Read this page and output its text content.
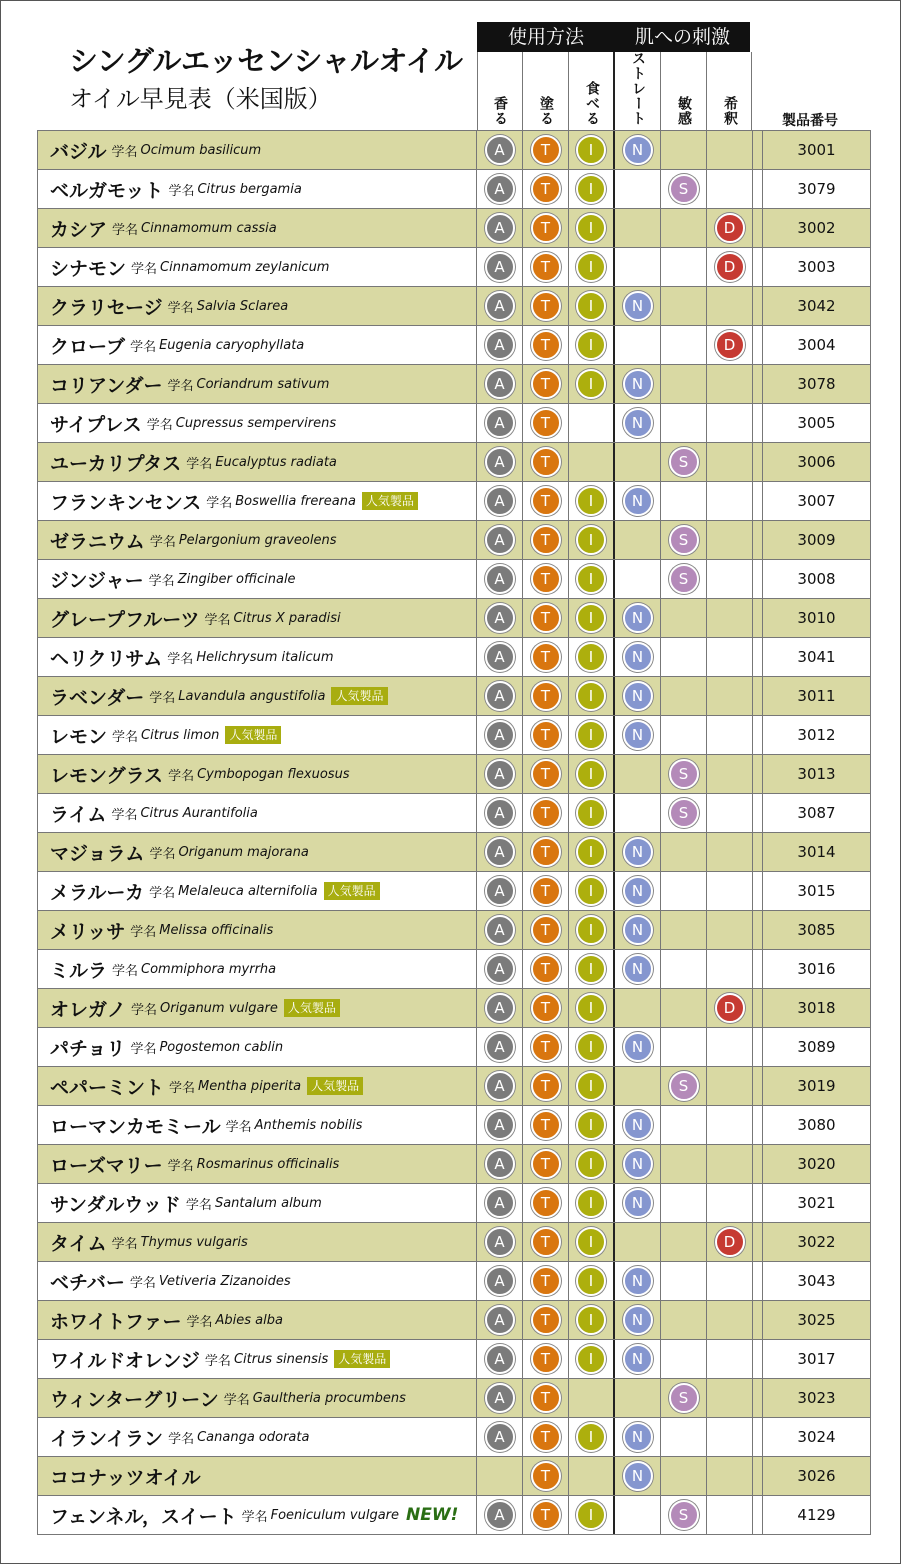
シングルエッセンシャルオイル
オイル早見表（米国版）
使用方法	肌への刺激
香る 塗る 食べる ストレート 敏感 希釈	製品番号
バジル 学名 Ocimum basilicum	A	T	I	N	3001
ベルガモット 学名 Citrus bergamia	A	T	I	S	3079
カシア 学名 Cinnamomum cassia	A	T	I	D	3002
シナモン 学名 Cinnamomum zeylanicum	A	T	I	D	3003
クラリセージ 学名 Salvia Sclarea	A	T	I	N	3042
クローブ 学名 Eugenia caryophyllata	A	T	I	D	3004
コリアンダー 学名 Coriandrum sativum	A	T	I	N	3078
サイプレス 学名 Cupressus sempervirens	A	T	N	3005
ユーカリプタス 学名 Eucalyptus radiata	A	T	S	3006
フランキンセンス 学名 Boswellia frereana 人気製品	A	T	I	N	3007
ゼラニウム 学名 Pelargonium graveolens	A	T	I	S	3009
ジンジャー 学名 Zingiber officinale	A	T	I	S	3008
グレープフルーツ 学名 Citrus X paradisi	A	T	I	N	3010
ヘリクリサム 学名 Helichrysum italicum	A	T	I	N	3041
ラベンダー 学名 Lavandula angustifolia 人気製品	A	T	I	N	3011
レモン 学名 Citrus limon 人気製品	A	T	I	N	3012
レモングラス 学名 Cymbopogan flexuosus	A	T	I	S	3013
ライム 学名 Citrus Aurantifolia	A	T	I	S	3087
マジョラム 学名 Origanum majorana	A	T	I	N	3014
メラルーカ 学名 Melaleuca alternifolia 人気製品	A	T	I	N	3015
メリッサ 学名 Melissa officinalis	A	T	I	N	3085
ミルラ 学名 Commiphora myrrha	A	T	I	N	3016
オレガノ 学名 Origanum vulgare 人気製品	A	T	I	D	3018
パチョリ 学名 Pogostemon cablin	A	T	I	N	3089
ペパーミント 学名 Mentha piperita 人気製品	A	T	I	S	3019
ローマンカモミール 学名 Anthemis nobilis	A	T	I	N	3080
ローズマリー 学名 Rosmarinus officinalis	A	T	I	N	3020
サンダルウッド 学名 Santalum album	A	T	I	N	3021
タイム 学名 Thymus vulgaris	A	T	I	D	3022
ベチバー 学名 Vetiveria Zizanoides	A	T	I	N	3043
ホワイトファー 学名 Abies alba	A	T	I	N	3025
ワイルドオレンジ 学名 Citrus sinensis 人気製品	A	T	I	N	3017
ウィンターグリーン 学名 Gaultheria procumbens	A	T	S	3023
イランイラン 学名 Cananga odorata	A	T	I	N	3024
ココナッツオイル	T	N	3026
フェンネル，スイート 学名 Foeniculum vulgare NEW!	A	T	I	S	4129
